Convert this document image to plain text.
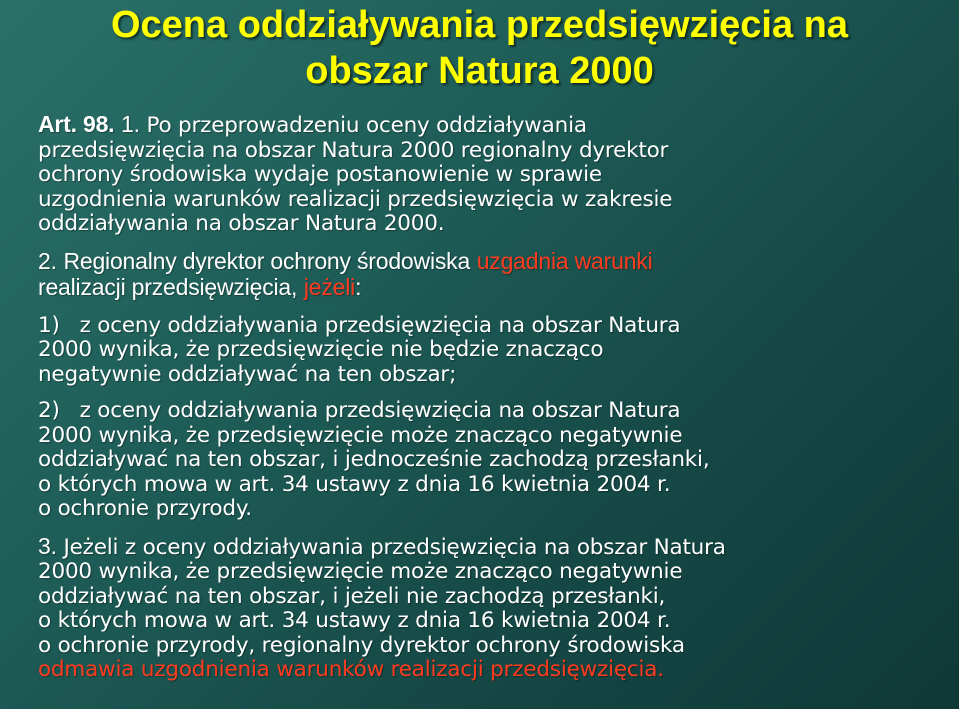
Ocena oddziaływania przedsięwzięcia na
obszar Natura 2000
Art. 98. 1. Po przeprowadzeniu oceny oddziaływania
przedsięwzięcia na obszar Natura 2000 regionalny dyrektor
ochrony środowiska wydaje postanowienie w sprawie
uzgodnienia warunków realizacji przedsięwzięcia w zakresie
oddziaływania na obszar Natura 2000.
2. Regionalny dyrektor ochrony środowiska uzgadnia warunki
realizacji przedsięwzięcia, jeżeli:
1)   z oceny oddziaływania przedsięwzięcia na obszar Natura
2000 wynika, że przedsięwzięcie nie będzie znacząco
negatywnie oddziaływać na ten obszar;
2)   z oceny oddziaływania przedsięwzięcia na obszar Natura
2000 wynika, że przedsięwzięcie może znacząco negatywnie
oddziaływać na ten obszar, i jednocześnie zachodzą przesłanki,
o których mowa w art. 34 ustawy z dnia 16 kwietnia 2004 r.
o ochronie przyrody.
3. Jeżeli z oceny oddziaływania przedsięwzięcia na obszar Natura
2000 wynika, że przedsięwzięcie może znacząco negatywnie
oddziaływać na ten obszar, i jeżeli nie zachodzą przesłanki,
o których mowa w art. 34 ustawy z dnia 16 kwietnia 2004 r.
o ochronie przyrody, regionalny dyrektor ochrony środowiska
odmawia uzgodnienia warunków realizacji przedsięwzięcia.
